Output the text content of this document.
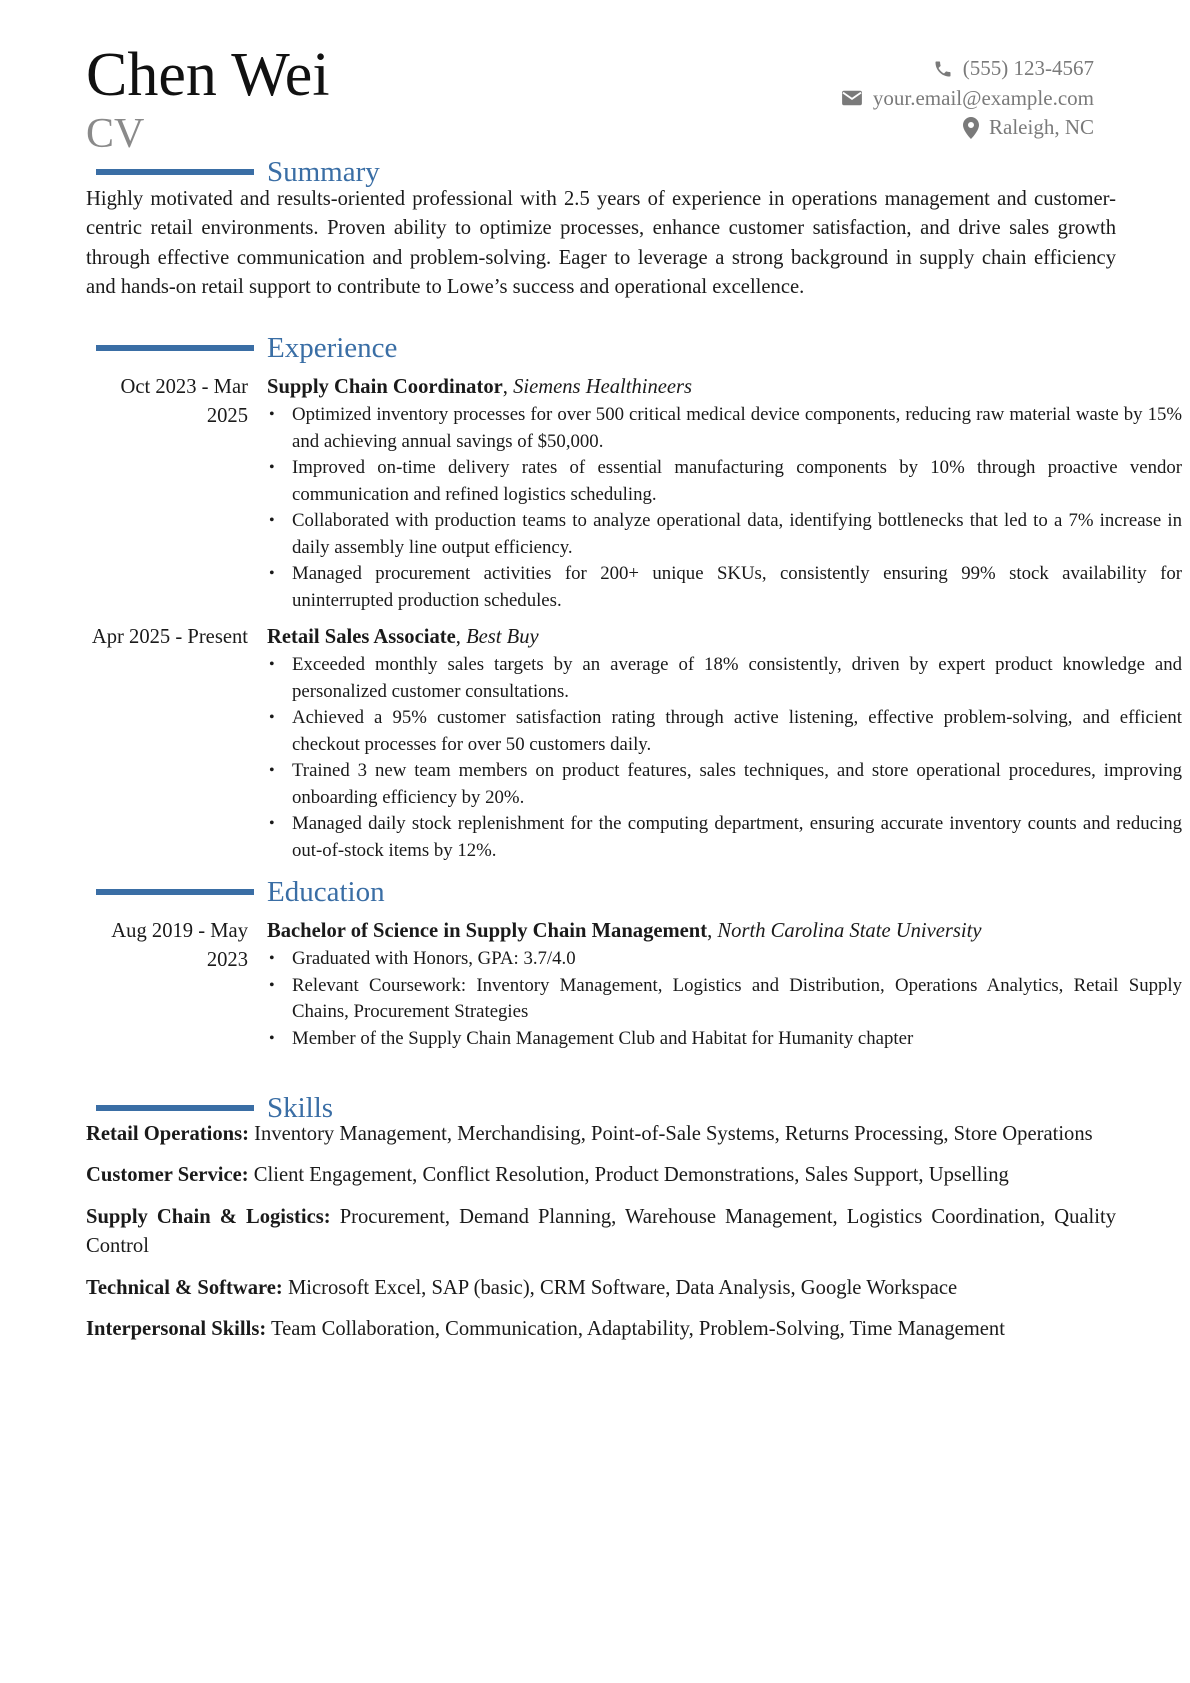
Chen Wei
CV
(555) 123-4567
your.email@example.com
Raleigh, NC
Summary
Highly motivated and results-oriented professional with 2.5 years of experience in operations management and customer-centric retail environments. Proven ability to optimize processes, enhance customer satisfaction, and drive sales growth through effective communication and problem-solving. Eager to leverage a strong background in supply chain efficiency and hands-on retail support to contribute to Lowe’s success and operational excellence.
Experience
Oct 2023 - Mar 2025
Supply Chain Coordinator, Siemens Healthineers
• Optimized inventory processes for over 500 critical medical device components, reducing raw material waste by 15% and achieving annual savings of $50,000.
• Improved on-time delivery rates of essential manufacturing components by 10% through proactive vendor communication and refined logistics scheduling.
• Collaborated with production teams to analyze operational data, identifying bottlenecks that led to a 7% increase in daily assembly line output efficiency.
• Managed procurement activities for 200+ unique SKUs, consistently ensuring 99% stock availability for uninterrupted production schedules.
Apr 2025 - Present Retail Sales Associate, Best Buy
• Exceeded monthly sales targets by an average of 18% consistently, driven by expert product knowledge and personalized customer consultations.
• Achieved a 95% customer satisfaction rating through active listening, effective problem-solving, and efficient checkout processes for over 50 customers daily.
• Trained 3 new team members on product features, sales techniques, and store operational procedures, improving onboarding efficiency by 20%.
• Managed daily stock replenishment for the computing department, ensuring accurate inventory counts and reducing out-of-stock items by 12%.
Education
Aug 2019 - May 2023
Bachelor of Science in Supply Chain Management, North Carolina State University
• Graduated with Honors, GPA: 3.7/4.0
• Relevant Coursework: Inventory Management, Logistics and Distribution, Operations Analytics, Retail Supply Chains, Procurement Strategies
• Member of the Supply Chain Management Club and Habitat for Humanity chapter
Skills
Retail Operations: Inventory Management, Merchandising, Point-of-Sale Systems, Returns Processing, Store Operations
Customer Service: Client Engagement, Conflict Resolution, Product Demonstrations, Sales Support, Upselling
Supply Chain & Logistics: Procurement, Demand Planning, Warehouse Management, Logistics Coordination, Quality Control
Technical & Software: Microsoft Excel, SAP (basic), CRM Software, Data Analysis, Google Workspace
Interpersonal Skills: Team Collaboration, Communication, Adaptability, Problem-Solving, Time Management
